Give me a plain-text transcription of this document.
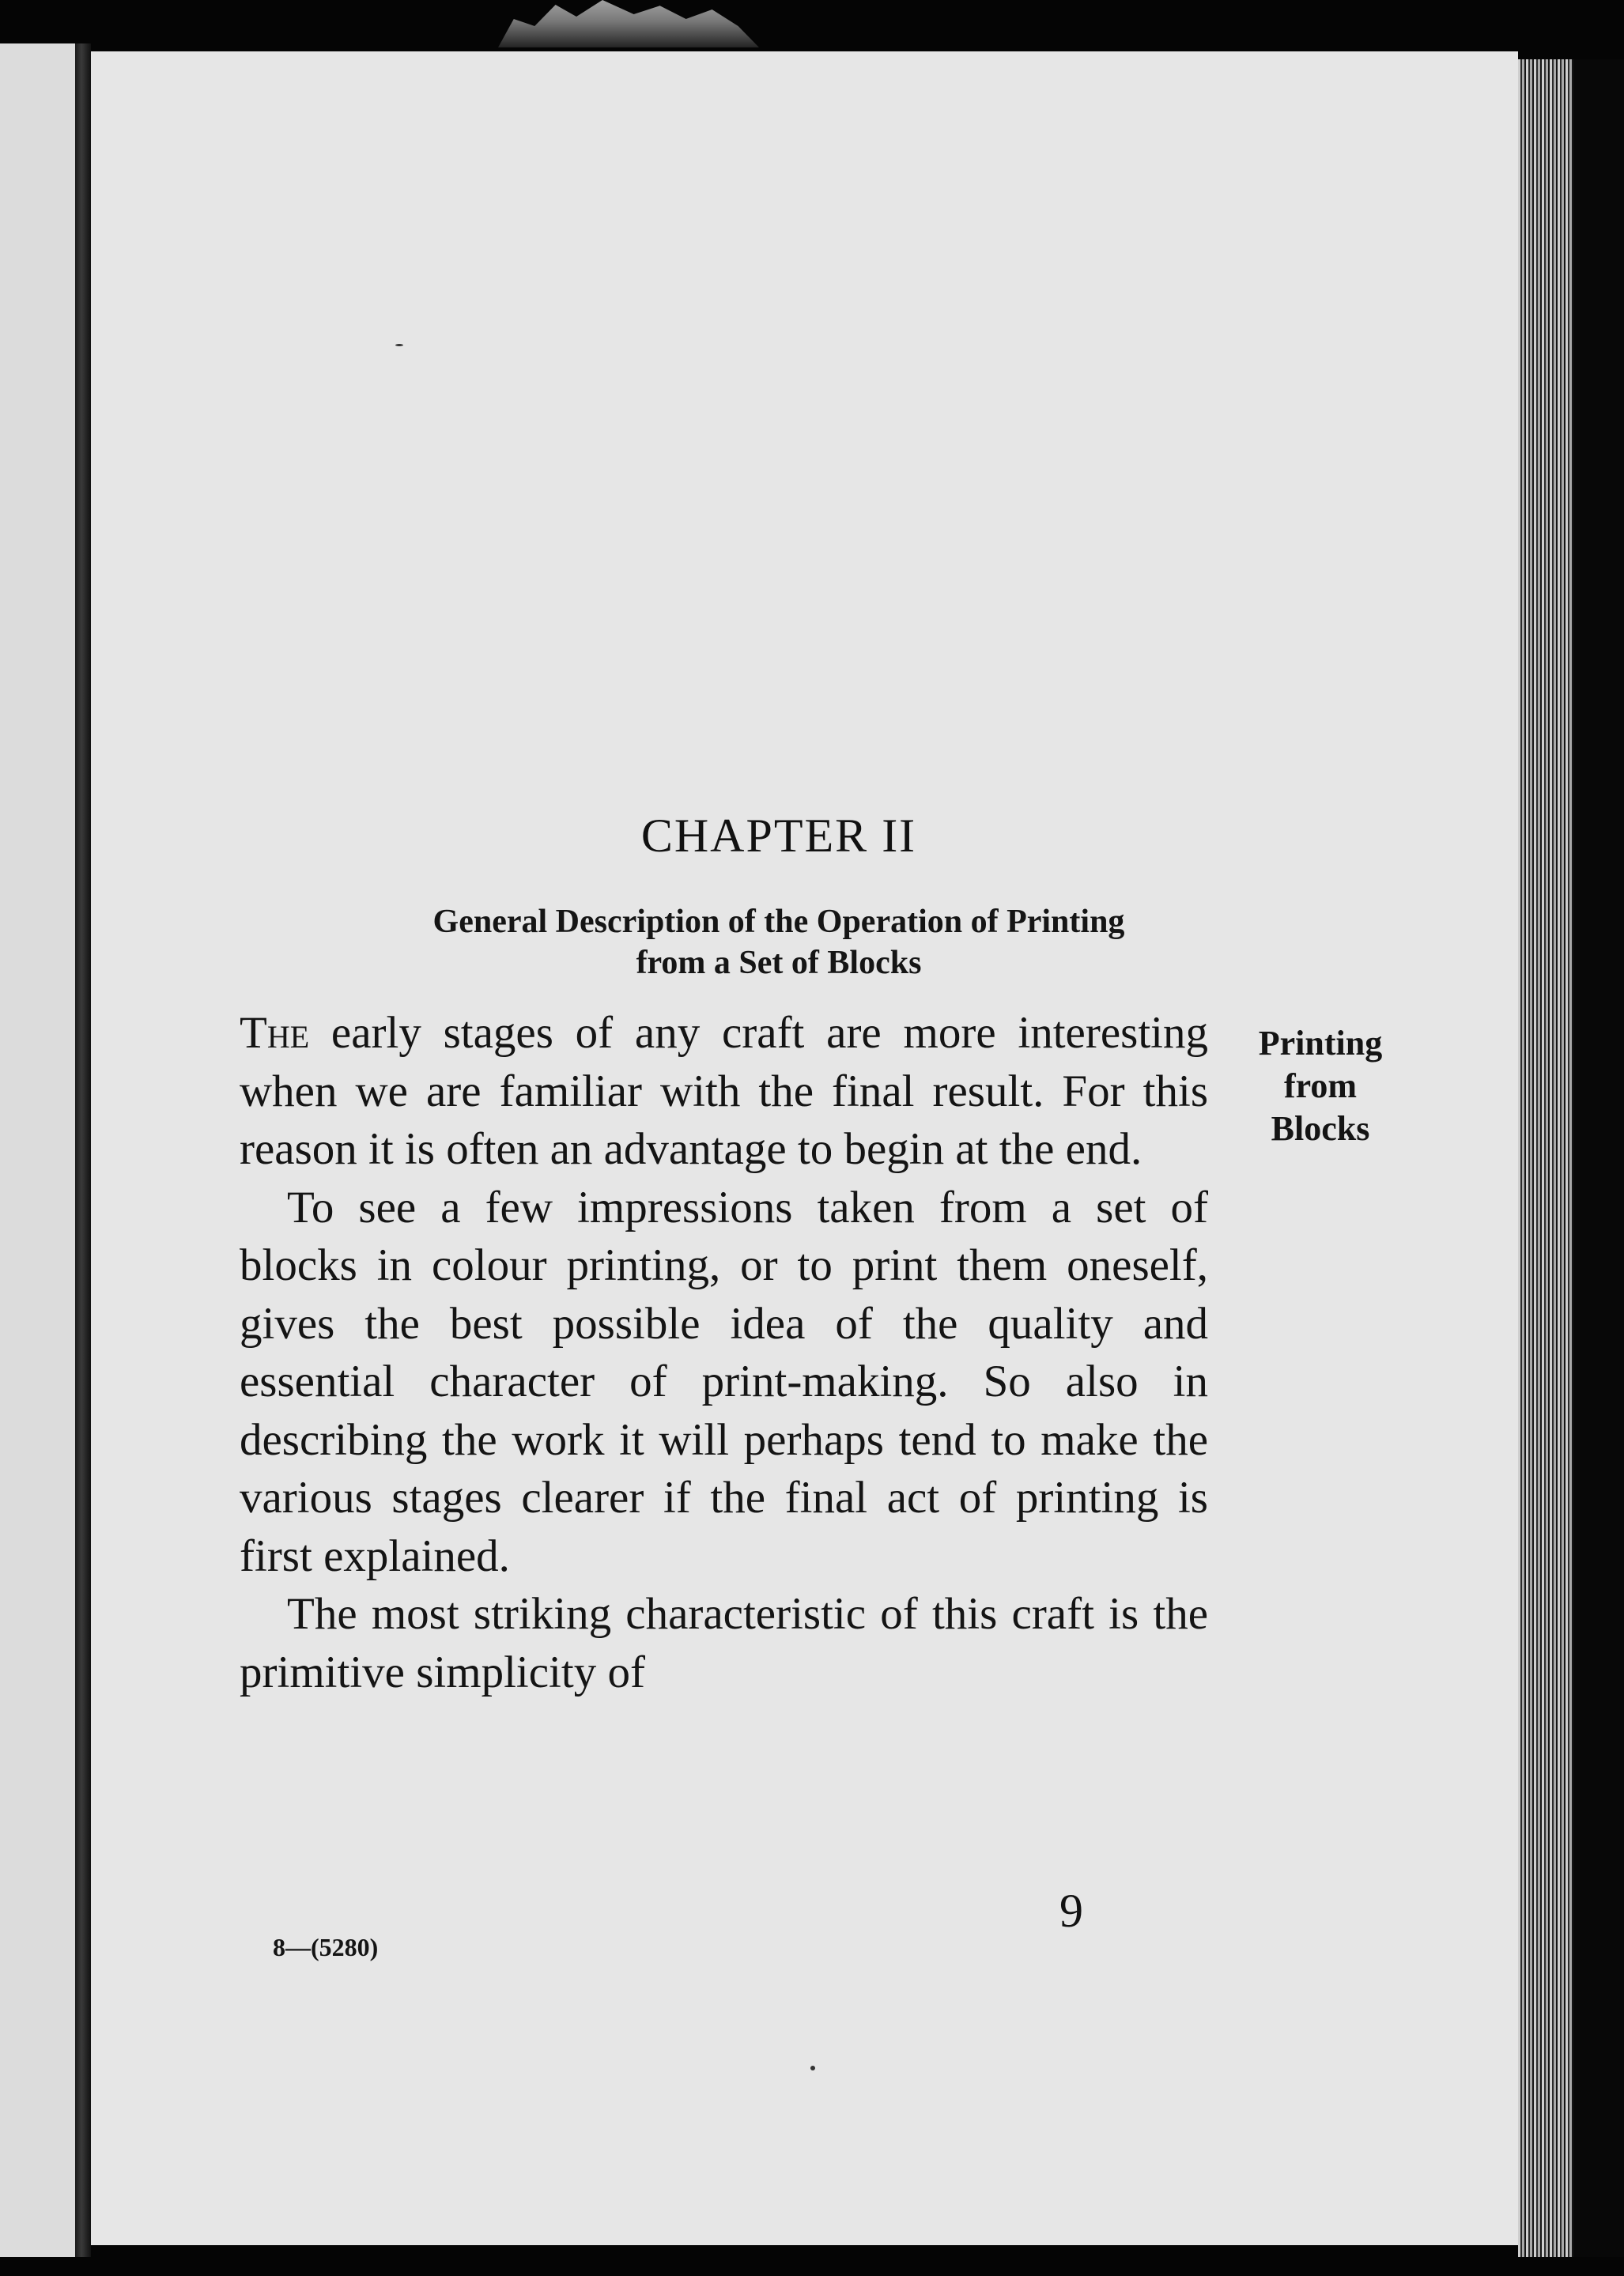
CHAPTER II
General Description of the Operation of Printing
from a Set of Blocks

The early stages of any craft are more interesting when we are familiar with the final result. For this reason it is often an advantage to begin at the end.

To see a few impressions taken from a set of blocks in colour printing, or to print them oneself, gives the best possible idea of the quality and essential character of print-making. So also in describing the work it will perhaps tend to make the various stages clearer if the final act of printing is first explained.

The most striking characteristic of this craft is the primitive simplicity of

Printing
from
Blocks
9
8—(5280)
